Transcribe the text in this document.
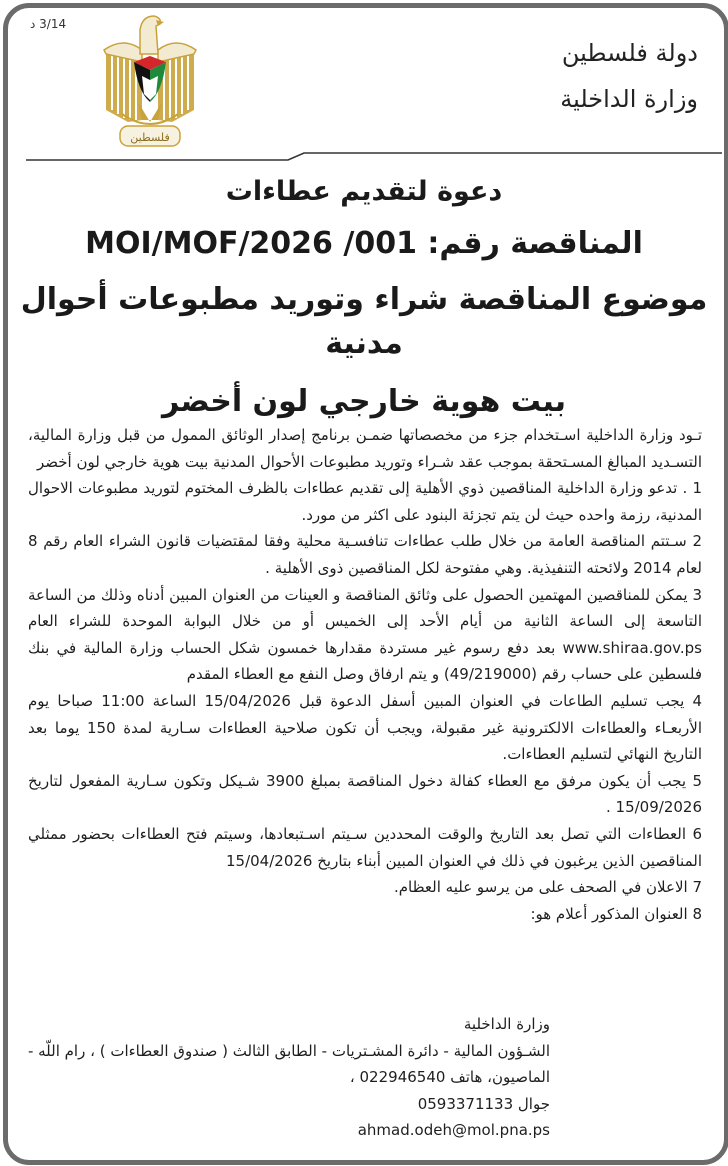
3/14 د
فلسطين
دولة فلسطين
وزارة الداخلية
دعوة لتقديم عطاءات
المناقصة رقم: MOI/MOF/2026 /001
موضوع المناقصة شراء وتوريد مطبوعات أحوال مدنية
بيت هوية خارجي لون أخضر

تـود وزارة الداخلية اسـتخدام جزء من مخصصاتها ضمـن برنامج إصدار الوثائق الممول من قبل وزارة المالية، التسـديد المبالغ المسـتحقة بموجب عقد شـراء وتوريد مطبوعات الأحوال المدنية بيت هوية خارجي لون أخضر

1 . تدعو وزارة الداخلية المناقصين ذوي الأهلية إلى تقديم عطاءات بالظرف المختوم لتوريد مطبوعات الاحوال المدنية، رزمة واحده حيث لن يتم تجزئة البنود على اكثر من مورد.

2 سـتتم المناقصة العامة من خلال طلب عطاءات تنافسـية محلية وفقا لمقتضيات قانون الشراء العام رقم 8 لعام 2014 ولائحته التنفيذية. وهي مفتوحة لكل المناقصين ذوى الأهلية .

3 يمكن للمناقصين المهتمين الحصول على وثائق المناقصة و العينات من العنوان المبين أدناه وذلك من الساعة التاسعة إلى الساعة الثانية من أيام الأحد إلى الخميس أو من خلال البوابة الموحدة للشراء العام www.shiraa.gov.ps بعد دفع رسوم غير مستردة مقدارها خمسون شكل الحساب وزارة المالية في بنك فلسطين على حساب رقم (49/219000) و يتم ارفاق وصل النفع مع العطاء المقدم

4 يجب تسليم الطاعات في العنوان المبين أسفل الدعوة قبل 15/04/2026 الساعة 11:00 صباحا يوم الأربعـاء والعطاءات الالكترونية غير مقبولة، ويجب أن تكون صلاحية العطاءات سـارية لمدة 150 يوما بعد التاريخ النهائي لتسليم العطاءات.

5 يجب أن يكون مرفق مع العطاء كفالة دخول المناقصة بمبلغ 3900 شـيكل وتكون سـارية المفعول لتاريخ 15/09/2026 .

6 العطاءات التي تصل بعد التاريخ والوقت المحددين سـيتم اسـتبعادها، وسيتم فتح العطاءات بحضور ممثلي المناقصين الذين يرغبون في ذلك في العنوان المبين أبناء بتاريخ 15/04/2026

7 الاعلان في الصحف على من يرسو عليه العظام.

8 العنوان المذكور أعلام هو:

وزارة الداخلية

الشـؤون المالية - دائرة المشـتريات - الطابق الثالث ( صندوق العطاءات ) ، رام اللّه -

الماصيون، هاتف 022946540 ،

جوال 0593371133

ahmad.odeh@mol.pna.ps
